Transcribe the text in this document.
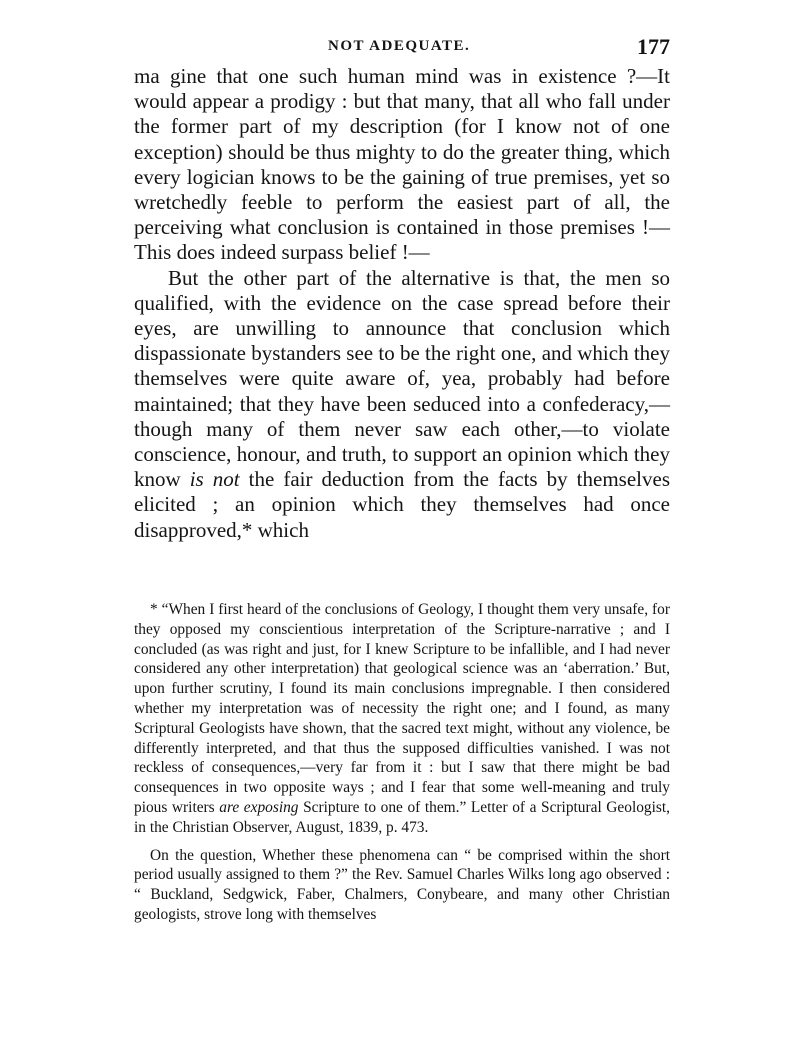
NOT ADEQUATE.	177

ma gine that one such human mind was in existence ?—It would appear a prodigy : but that many, that all who fall under the former part of my description (for I know not of one exception) should be thus mighty to do the greater thing, which every logician knows to be the gaining of true premises, yet so wretchedly feeble to perform the easiest part of all, the perceiving what conclusion is contained in those premises !—This does indeed surpass belief !—

But the other part of the alternative is that, the men so qualified, with the evidence on the case spread before their eyes, are unwilling to announce that conclusion which dispassionate bystanders see to be the right one, and which they themselves were quite aware of, yea, probably had before maintained; that they have been seduced into a confederacy,—though many of them never saw each other,—to violate conscience, honour, and truth, to support an opinion which they know is not the fair deduction from the facts by themselves elicited ; an opinion which they themselves had once disapproved,* which

* “When I first heard of the conclusions of Geology, I thought them very unsafe, for they opposed my conscientious interpretation of the Scripture-narrative ; and I concluded (as was right and just, for I knew Scripture to be infallible, and I had never considered any other interpretation) that geological science was an ‘aberration.’ But, upon further scrutiny, I found its main conclusions impregnable. I then considered whether my interpretation was of necessity the right one; and I found, as many Scriptural Geologists have shown, that the sacred text might, without any violence, be differently interpreted, and that thus the supposed difficulties vanished. I was not reckless of consequences,—very far from it : but I saw that there might be bad consequences in two opposite ways ; and I fear that some well-meaning and truly pious writers are exposing Scripture to one of them.” Letter of a Scriptural Geologist, in the Christian Observer, August, 1839, p. 473.

On the question, Whether these phenomena can “ be comprised within the short period usually assigned to them ?” the Rev. Samuel Charles Wilks long ago observed : “ Buckland, Sedgwick, Faber, Chalmers, Conybeare, and many other Christian geologists, strove long with themselves
